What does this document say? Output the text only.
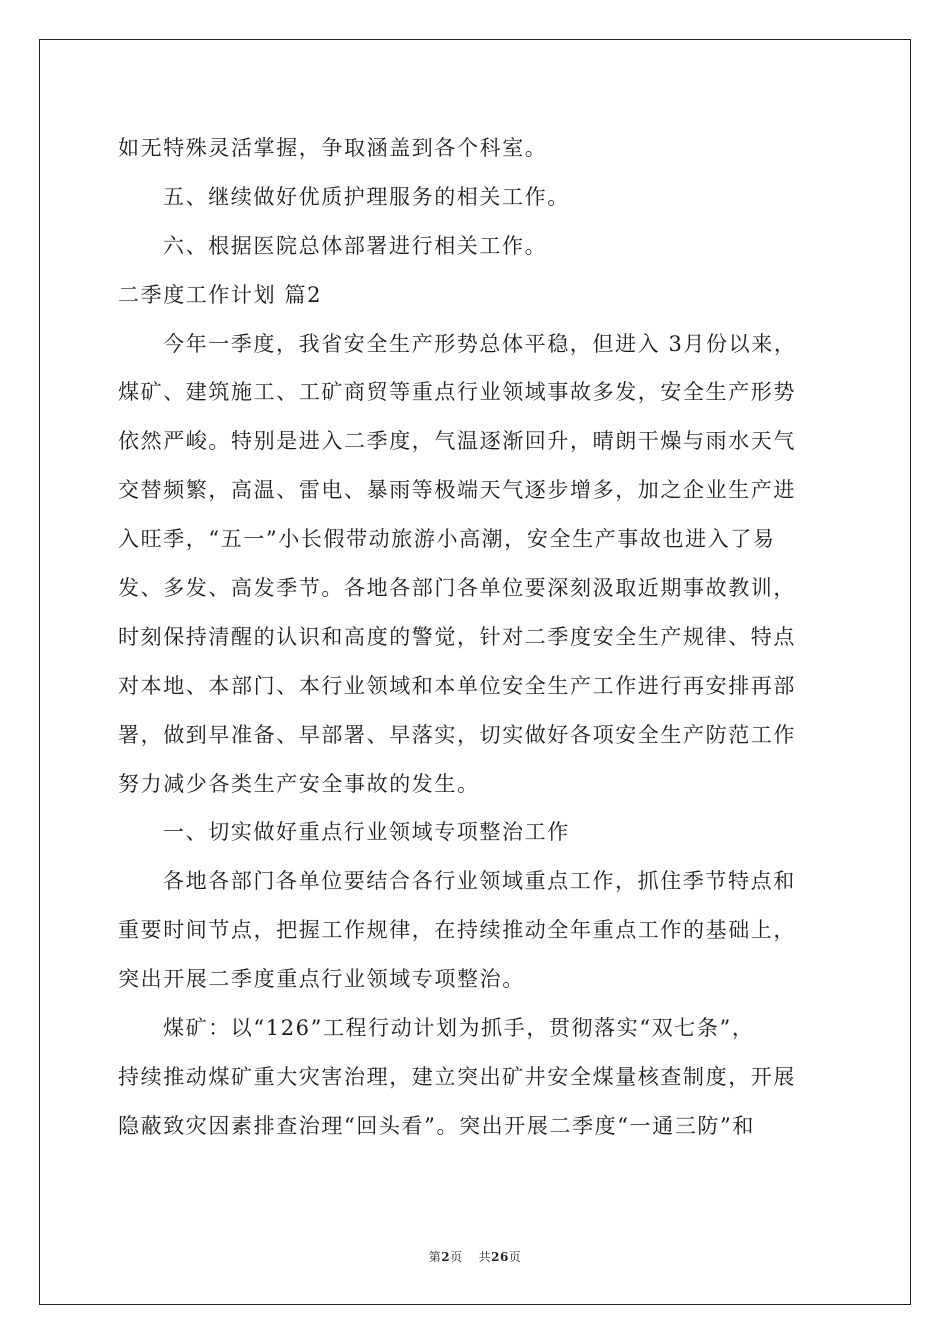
如无特殊灵活掌握，争取涵盖到各个科室。
五、继续做好优质护理服务的相关工作。
六、根据医院总体部署进行相关工作。
二季度工作计划 篇2
今年一季度，我省安全生产形势总体平稳，但进入 3月份以来，
煤矿、建筑施工、工矿商贸等重点行业领域事故多发，安全生产形势
依然严峻。特别是进入二季度，气温逐渐回升，晴朗干燥与雨水天气
交替频繁，高温、雷电、暴雨等极端天气逐步增多，加之企业生产进
入旺季，“五一”小长假带动旅游小高潮，安全生产事故也进入了易
发、多发、高发季节。各地各部门各单位要深刻汲取近期事故教训，
时刻保持清醒的认识和高度的警觉，针对二季度安全生产规律、特点
对本地、本部门、本行业领域和本单位安全生产工作进行再安排再部
署，做到早准备、早部署、早落实，切实做好各项安全生产防范工作
努力减少各类生产安全事故的发生。
一、切实做好重点行业领域专项整治工作
各地各部门各单位要结合各行业领域重点工作，抓住季节特点和
重要时间节点，把握工作规律，在持续推动全年重点工作的基础上，
突出开展二季度重点行业领域专项整治。
煤矿：以“126”工程行动计划为抓手，贯彻落实“双七条”，
持续推动煤矿重大灾害治理，建立突出矿井安全煤量核查制度，开展
隐蔽致灾因素排查治理“回头看”。突出开展二季度“一通三防”和
第2页 共26页
